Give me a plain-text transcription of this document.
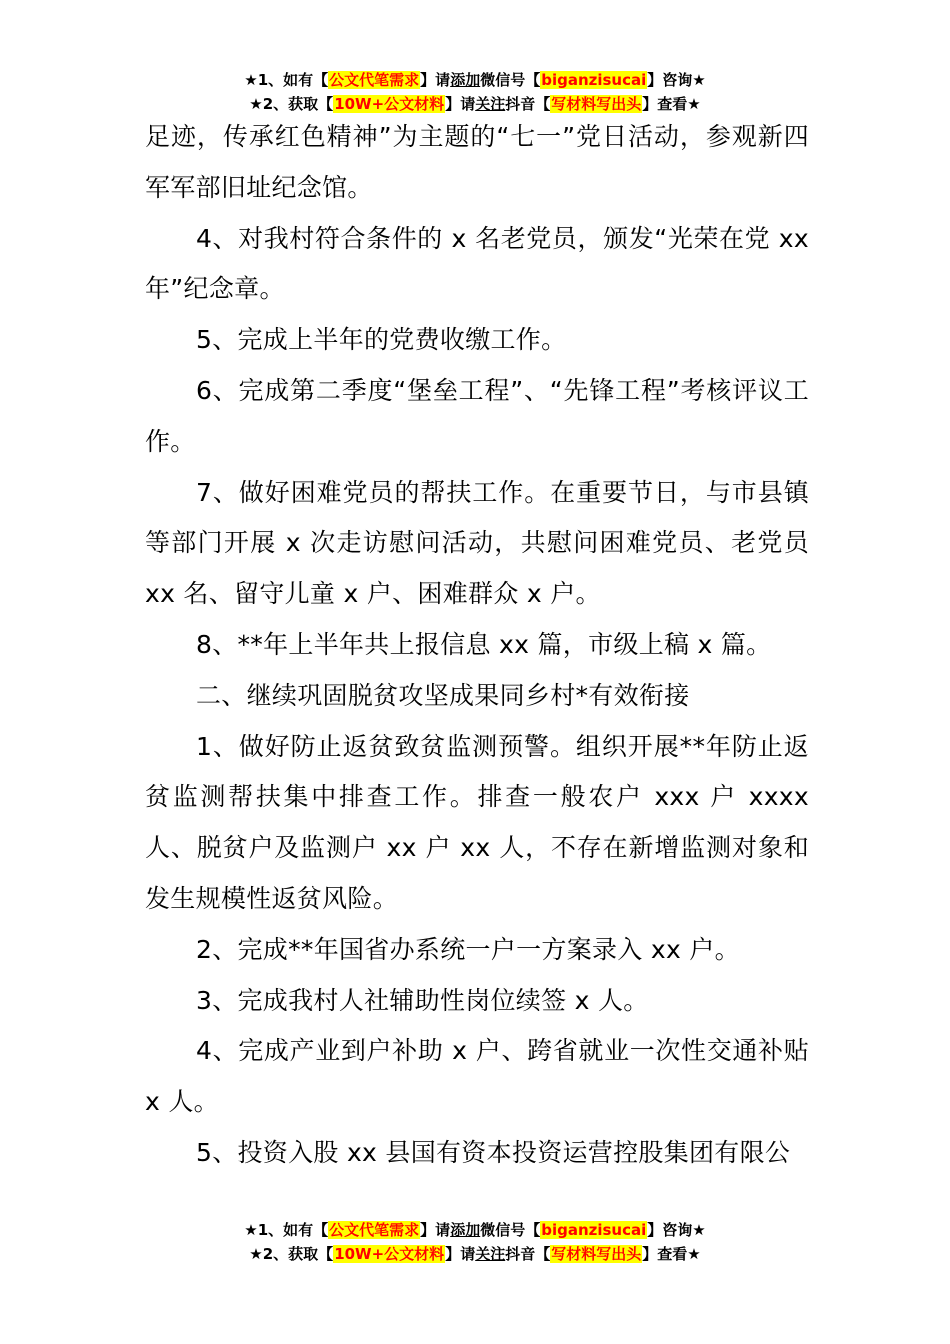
★1、如有【公文代笔需求】请添加微信号【biganzisucai】咨询★
★2、获取【10W+公文材料】请关注抖音【写材料写出头】查看★

足迹，传承红色精神”为主题的“七一”党日活动，参观新四军军部旧址纪念馆。

4、对我村符合条件的 x 名老党员，颁发“光荣在党 xx 年”纪念章。

5、完成上半年的党费收缴工作。

6、完成第二季度“堡垒工程”、“先锋工程”考核评议工作。

7、做好困难党员的帮扶工作。在重要节日，与市县镇等部门开展 x 次走访慰问活动，共慰问困难党员、老党员 xx 名、留守儿童 x 户、困难群众 x 户。

8、**年上半年共上报信息 xx 篇，市级上稿 x 篇。

二、继续巩固脱贫攻坚成果同乡村*有效衔接

1、做好防止返贫致贫监测预警。组织开展**年防止返贫监测帮扶集中排查工作。排查一般农户 xxx 户 xxxx 人、脱贫户及监测户 xx 户 xx 人，不存在新增监测对象和发生规模性返贫风险。

2、完成**年国省办系统一户一方案录入 xx 户。

3、完成我村人社辅助性岗位续签 x 人。

4、完成产业到户补助 x 户、跨省就业一次性交通补贴 x 人。

5、投资入股 xx 县国有资本投资运营控股集团有限公

★1、如有【公文代笔需求】请添加微信号【biganzisucai】咨询★
★2、获取【10W+公文材料】请关注抖音【写材料写出头】查看★
